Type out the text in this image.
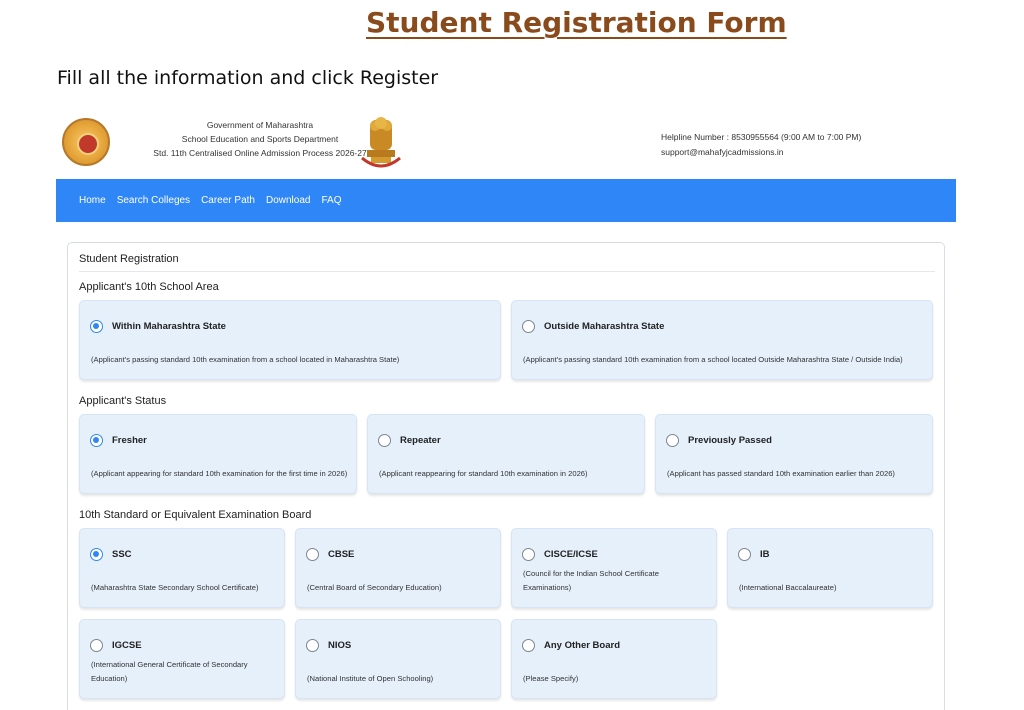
Student Registration Form
Fill all the information and click Register
Government of Maharashtra
School Education and Sports Department
Std. 11th Centralised Online Admission Process 2026-27
Helpline Number : 8530955564 (9:00 AM to 7:00 PM)
support@mahafyjcadmissions.in
Home Search Colleges Career Path Download FAQ
Student Registration
Applicant's 10th School Area
Within Maharashtra State
(Applicant's passing standard 10th examination from a school located in Maharashtra State)
Outside Maharashtra State
(Applicant's passing standard 10th examination from a school located Outside Maharashtra State / Outside India)
Applicant's Status
Fresher
(Applicant appearing for standard 10th examination for the first time in 2026)
Repeater
(Applicant reappearing for standard 10th examination in 2026)
Previously Passed
(Applicant has passed standard 10th examination earlier than 2026)
10th Standard or Equivalent Examination Board
SSC
(Maharashtra State Secondary School Certificate)
CBSE
(Central Board of Secondary Education)
CISCE/ICSE
(Council for the Indian School Certificate Examinations)
IB
(International Baccalaureate)
IGCSE
(International General Certificate of Secondary Education)
NIOS
(National Institute of Open Schooling)
Any Other Board
(Please Specify)
